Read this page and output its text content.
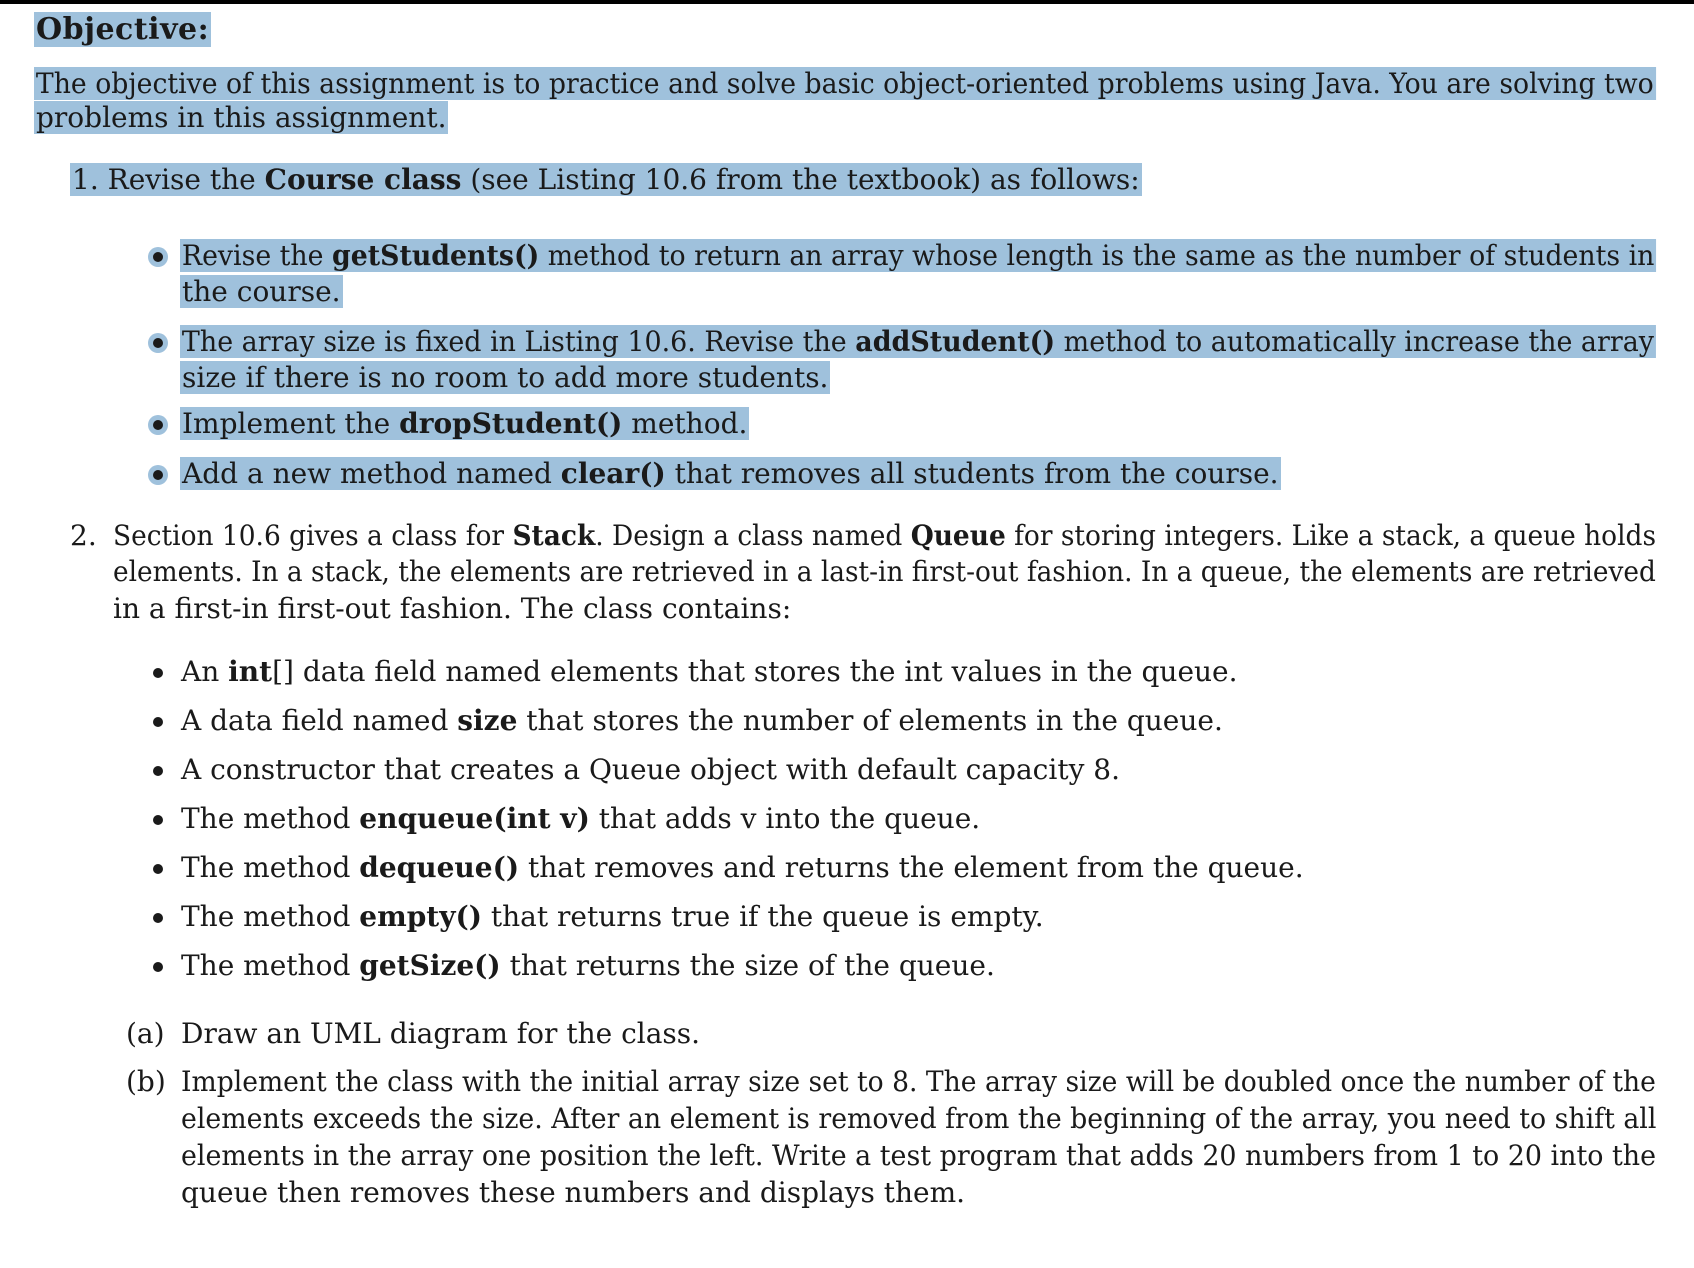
Objective:
The objective of this assignment is to practice and solve basic object-oriented problems using Java. You are solving two
problems in this assignment.
1. Revise the Course class (see Listing 10.6 from the textbook) as follows:
Revise the getStudents() method to return an array whose length is the same as the number of students in
the course.
The array size is fixed in Listing 10.6. Revise the addStudent() method to automatically increase the array
size if there is no room to add more students.
Implement the dropStudent() method.
Add a new method named clear() that removes all students from the course.
2. Section 10.6 gives a class for Stack. Design a class named Queue for storing integers. Like a stack, a queue holds
elements. In a stack, the elements are retrieved in a last-in first-out fashion. In a queue, the elements are retrieved
in a first-in first-out fashion. The class contains:
An int[] data field named elements that stores the int values in the queue.
A data field named size that stores the number of elements in the queue.
A constructor that creates a Queue object with default capacity 8.
The method enqueue(int v) that adds v into the queue.
The method dequeue() that removes and returns the element from the queue.
The method empty() that returns true if the queue is empty.
The method getSize() that returns the size of the queue.
(a) Draw an UML diagram for the class.
(b) Implement the class with the initial array size set to 8. The array size will be doubled once the number of the
elements exceeds the size. After an element is removed from the beginning of the array, you need to shift all
elements in the array one position the left. Write a test program that adds 20 numbers from 1 to 20 into the
queue then removes these numbers and displays them.
